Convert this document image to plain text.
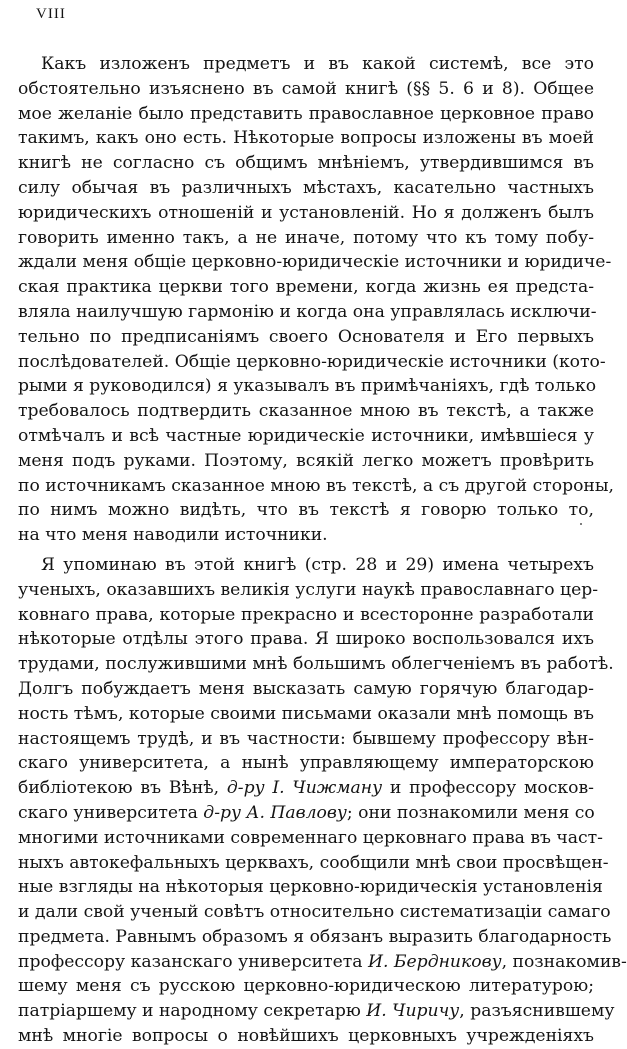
VIII
Какъ изложенъ предметъ и въ какой системѣ, все это
обстоятельно изъяснено въ самой книгѣ (§§ 5. 6 и 8). Общее
мое желаніе было представить православное церковное право
такимъ, какъ оно есть. Нѣкоторые вопросы изложены въ моей
книгѣ не согласно съ общимъ мнѣніемъ, утвердившимся въ
силу обычая въ различныхъ мѣстахъ, касательно частныхъ
юридическихъ отношеній и установленій. Но я долженъ былъ
говорить именно такъ, а не иначе, потому что къ тому побу-
ждали меня общіе церковно-юридическіе источники и юридиче-
ская практика церкви того времени, когда жизнь ея предста-
вляла наилучшую гармонію и когда она управлялась исключи-
тельно по предписаніямъ своего Основателя и Его первыхъ
послѣдователей. Общіе церковно-юридическіе источники (кото-
рыми я руководился) я указывалъ въ примѣчаніяхъ, гдѣ только
требовалось подтвердить сказанное мною въ текстѣ, а также
отмѣчалъ и всѣ частные юридическіе источники, имѣвшіеся у
меня подъ руками. Поэтому, всякій легко можетъ провѣрить
по источникамъ сказанное мною въ текстѣ, а съ другой стороны,
по нимъ можно видѣть, что въ текстѣ я говорю только то,
на что меня наводили источники.
Я упоминаю въ этой книгѣ (стр. 28 и 29) имена четырехъ
ученыхъ, оказавшихъ великія услуги наукѣ православнаго цер-
ковнаго права, которые прекрасно и всесторонне разработали
нѣкоторые отдѣлы этого права. Я широко воспользовался ихъ
трудами, послужившими мнѣ большимъ облегченіемъ въ работѣ.
Долгъ побуждаетъ меня высказать самую горячую благодар-
ность тѣмъ, которые своими письмами оказали мнѣ помощь въ
настоящемъ трудѣ, и въ частности: бывшему профессору вѣн-
скаго университета, а нынѣ управляющему императорскою
библіотекою въ Вѣнѣ, д-ру І. Чижману и профессору москов-
скаго университета д-ру А. Павлову; они познакомили меня со
многими источниками современнаго церковнаго права въ част-
ныхъ автокефальныхъ церквахъ, сообщили мнѣ свои просвѣщен-
ные взгляды на нѣкоторыя церковно-юридическія установленія
и дали свой ученый совѣтъ относительно систематизаціи самаго
предмета. Равнымъ образомъ я обязанъ выразить благодарность
профессору казанскаго университета И. Бердникову, познакомив-
шему меня съ русскою церковно-юридическою литературою;
патріаршему и народному секретарю И. Чиричу, разъяснившему
мнѣ многіе вопросы о новѣйшихъ церковныхъ учрежденіяхъ
